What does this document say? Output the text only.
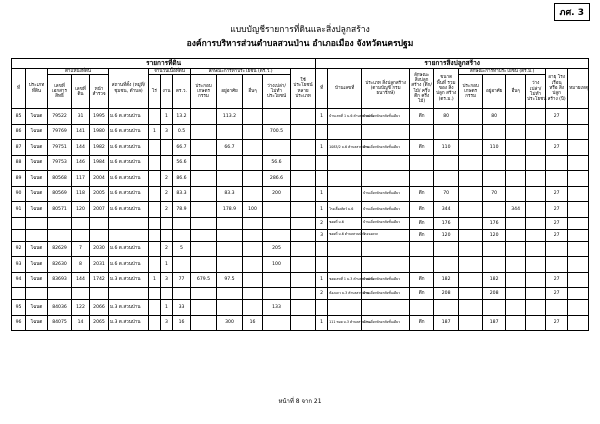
ภศ. 3
แบบบัญชีรายการที่ดินและสิ่งปลูกสร้าง
องค์การบริหารส่วนตำบลสวนป่าน อำเภอเมือง จังหวัดนครปฐม
รายการที่ดิน														รายการสิ่งปลูกสร้าง										
ที่	ประเภท ที่ดิน	ตำแหน่งที่ดิน			สถานที่ตั้ง (หมู่ที่/ชุมชน, ตำบล)	จำนวนเนื้อที่ดิน			ลักษณะการทำประโยชน์ (ตร.ว.)				ใช้ ประโยชน์ หลาย ประเภท	ที่	บ้านเลขที่	ประเภท สิ่งปลูกสร้าง (ตามบัญชี กรมธนารักษ์)	ลักษณะ สิ่งปลูก สร้าง (ตึก/ไม้/ ครึ่งตึก ครึ่งไม้)	ขนาด พื้นที่ รวมของ สิ่งปลูก สร้าง (ตร.ม.)	ลักษณะการทำประโยชน์ (ตร.ม.)				อายุ โรงเรือน หรือ สิ่งปลูก สร้าง (ปี)	หมายเหตุ
		เลขที่ เอกสาร สิทธิ์	เลขที่ ดิน	หน้า สำรวจ		ไร่	งาน	ตร.ว.	ประกอบ เกษตร กรรม	อยู่อาศัย	อื่นๆ	ว่างเปล่า/ ไม่ทำ ประโยชน์							ประกอบ เกษตร กรรม	อยู่อาศัย	อื่นๆ	ว่าง เปล่า/ ไม่ทำ ประโยชน์		

85	โฉนด	79522	31	1995	ม.6 ต.สวนป่าน		1	13.2		113.2				1	บ้านเลขที่ 1 ม.6 ตำบลสวนป่าน	บ้านเดี่ยวพักอาศัยชั้นเดียว	ตึก	80		80			27	
86	โฉนด	79769	141	1980	ม.6 ต.สวนป่าน	1	3	0.5				700.5												
87	โฉนด	79751	144	1982	ม.6 ต.สวนป่าน			66.7		66.7				1	1083/2 ม.6 ตำบลสวนป่าน	บ้านเดี่ยวพักอาศัยชั้นเดียว	ตึก	110		110			27	
88	โฉนด	79753	146	1984	ม.6 ต.สวนป่าน			56.6				56.6												
89	โฉนด	80568	117	2004	ม.6 ต.สวนป่าน		2	86.6				286.6												
90	โฉนด	80569	118	2005	ม.6 ต.สวนป่าน		2	83.3		83.3		200		1		บ้านเดี่ยวพักอาศัยชั้นเดียว	ตึก	70		70			27	
91	โฉนด	80571	120	2007	ม.6 ต.สวนป่าน		2	78.9		178.9	100			1	โรงเลี้ยงสัตว์ ม.6	บ้านเดี่ยวพักอาศัยชั้นเดียว	ตึก	344			344		27	
														2	ซอยที่ ม.6	บ้านเดี่ยวพักอาศัยชั้นเดียว	ตึก	176		176			27	
														3	ซอยที่ ม.6 ตำบลสวนป่าน	โรงจอดรถ	ตึก	120		120			27	
92	โฉนด	82629	7	2030	ม.6 ต.สวนป่าน		2	5				205												
93	โฉนด	82630	8	2031	ม.6 ต.สวนป่าน		1					100												
94	โฉนด	83693	144	1742	ม.3 ต.สวนป่าน	1	3	77	679.5	97.5				1	ซอยเลขที่ 1 ม.3 ตำบลสวนป่าน	บ้านเดี่ยวพักอาศัยชั้นเดียว	ตึก	182		182			27	
														2	ห้องแถว ม.3 ตำบลสวนป่าน	บ้านเดี่ยวพักอาศัยชั้นเดียว	ตึก	208		208			27	
95	โฉนด	84036	122	2066	ม.3 ต.สวนป่าน		1	33				133												
96	โฉนด	84075	14	2065	ม.3 ต.สวนป่าน		3	16		300	16			1	111 ซอย ม.3 ตำบลสวนป่าน	บ้านเดี่ยวพักอาศัยชั้นเดียว	ตึก	187		187			27	
หน้าที่ 8 จาก 21
